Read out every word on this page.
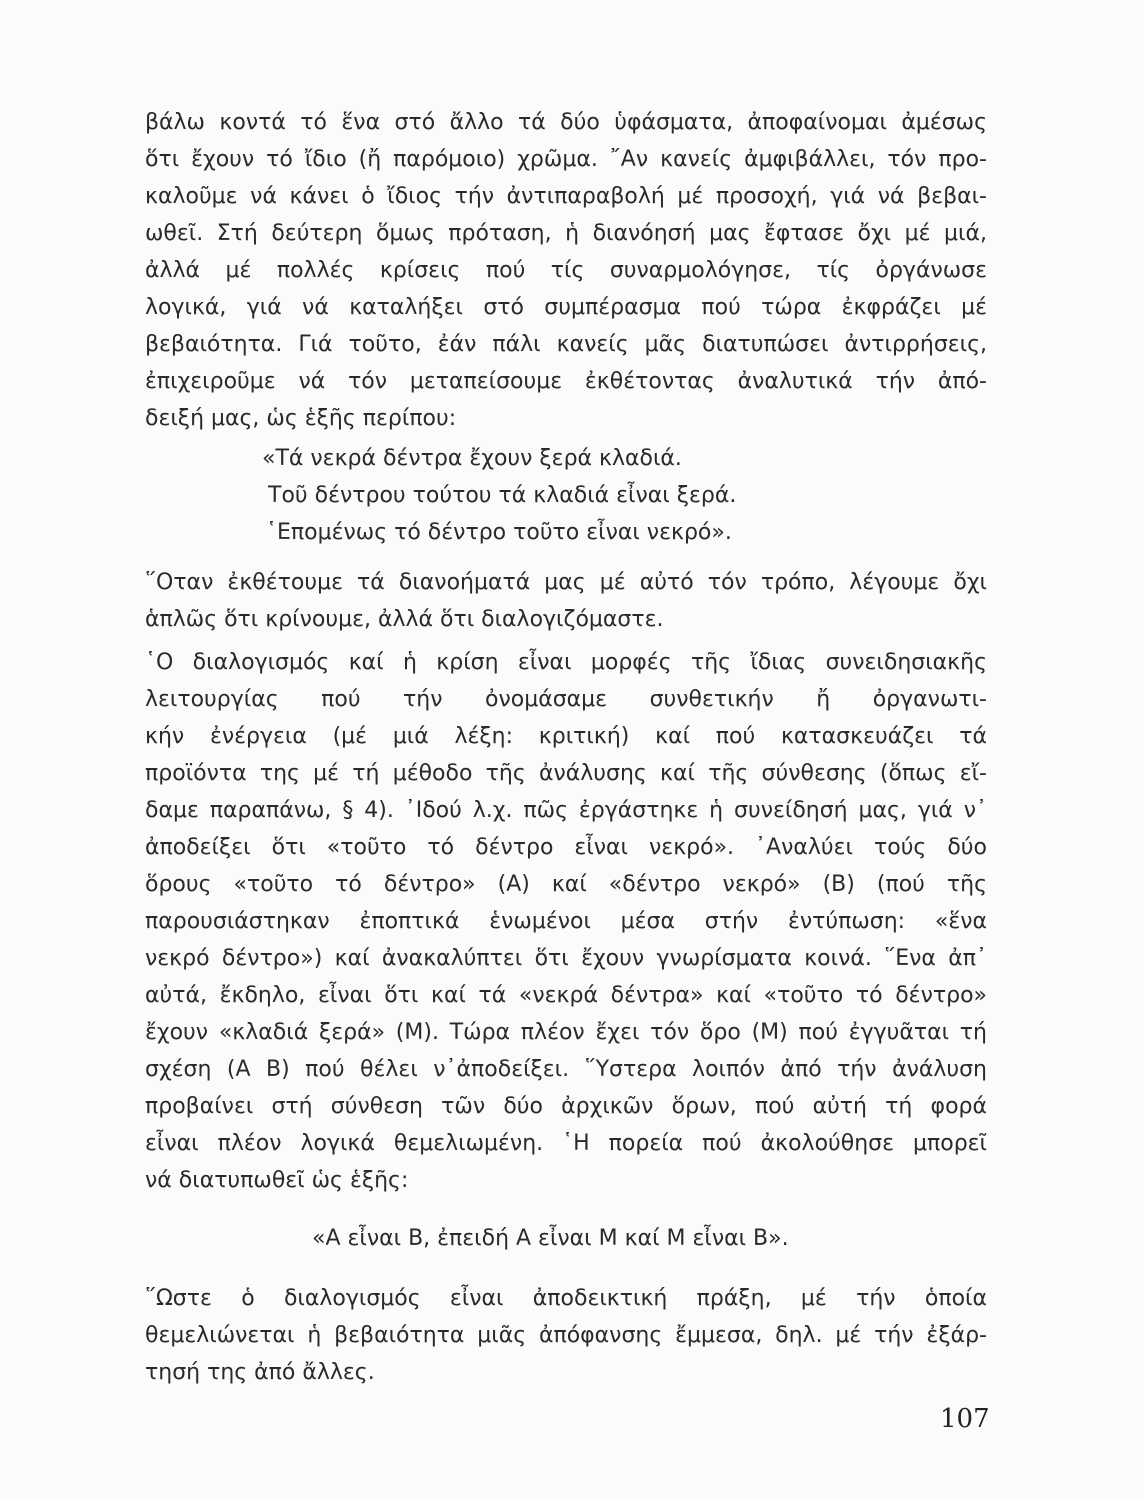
βάλω κοντά τό ἕνα στό ἄλλο τά δύο ὑφάσματα, ἀποφαίνομαι ἀμέσως
ὅτι ἔχουν τό ἴδιο (ἤ παρόμοιο) χρῶμα. ῎Αν κανείς ἀμφιβάλλει, τόν προ-
καλοῦμε νά κάνει ὁ ἴδιος τήν ἀντιπαραβολή μέ προσοχή, γιά νά βεβαι-
ωθεῖ. Στή δεύτερη ὅμως πρόταση, ἡ διανόησή μας ἔφτασε ὄχι μέ μιά,
ἀλλά μέ πολλές κρίσεις πού τίς συναρμολόγησε, τίς ὀργάνωσε
λογικά, γιά νά καταλήξει στό συμπέρασμα πού τώρα ἐκφράζει μέ
βεβαιότητα. Γιά τοῦτο, ἐάν πάλι κανείς μᾶς διατυπώσει ἀντιρρήσεις,
ἐπιχειροῦμε νά τόν μεταπείσουμε ἐκθέτοντας ἀναλυτικά τήν ἀπό-
δειξή μας, ὡς ἑξῆς περίπου:
«Τά νεκρά δέντρα ἔχουν ξερά κλαδιά.
Τοῦ δέντρου τούτου τά κλαδιά εἶναι ξερά.
῾Επομένως τό δέντρο τοῦτο εἶναι νεκρό».
῞Οταν ἐκθέτουμε τά διανοήματά μας μέ αὐτό τόν τρόπο, λέγουμε ὄχι
ἁπλῶς ὅτι κρίνουμε, ἀλλά ὅτι διαλογιζόμαστε.
῾Ο διαλογισμός καί ἡ κρίση εἶναι μορφές τῆς ἴδιας συνειδησιακῆς
λειτουργίας πού τήν ὀνομάσαμε συνθετικήν ἤ ὀργανωτι-
κήν ἐνέργεια (μέ μιά λέξη: κριτική) καί πού κατασκευάζει τά
προϊόντα της μέ τή μέθοδο τῆς ἀνάλυσης καί τῆς σύνθεσης (ὅπως εἴ-
δαμε παραπάνω, § 4). ᾽Ιδού λ.χ. πῶς ἐργάστηκε ἡ συνείδησή μας, γιά ν᾽
ἀποδείξει ὅτι «τοῦτο τό δέντρο εἶναι νεκρό». ᾽Αναλύει τούς δύο
ὅρους «τοῦτο τό δέντρο» (Α) καί «δέντρο νεκρό» (Β) (πού τῆς
παρουσιάστηκαν ἐποπτικά ἑνωμένοι μέσα στήν ἐντύπωση: «ἕνα
νεκρό δέντρο») καί ἀνακαλύπτει ὅτι ἔχουν γνωρίσματα κοινά. ῞Ενα ἀπ᾽
αὐτά, ἔκδηλο, εἶναι ὅτι καί τά «νεκρά δέντρα» καί «τοῦτο τό δέντρο»
ἔχουν «κλαδιά ξερά» (Μ). Τώρα πλέον ἔχει τόν ὅρο (Μ) πού ἐγγυᾶται τή
σχέση (Α Β) πού θέλει ν᾽ἀποδείξει. ῞Υστερα λοιπόν ἀπό τήν ἀνάλυση
προβαίνει στή σύνθεση τῶν δύο ἀρχικῶν ὅρων, πού αὐτή τή φορά
εἶναι πλέον λογικά θεμελιωμένη. ῾Η πορεία πού ἀκολούθησε μπορεῖ
νά διατυπωθεῖ ὡς ἑξῆς:
«Α εἶναι Β, ἐπειδή Α εἶναι Μ καί Μ εἶναι Β».
῞Ωστε ὁ διαλογισμός εἶναι ἀποδεικτική πράξη, μέ τήν ὁποία
θεμελιώνεται ἡ βεβαιότητα μιᾶς ἀπόφανσης ἔμμεσα, δηλ. μέ τήν ἐξάρ-
τησή της ἀπό ἄλλες.
107
